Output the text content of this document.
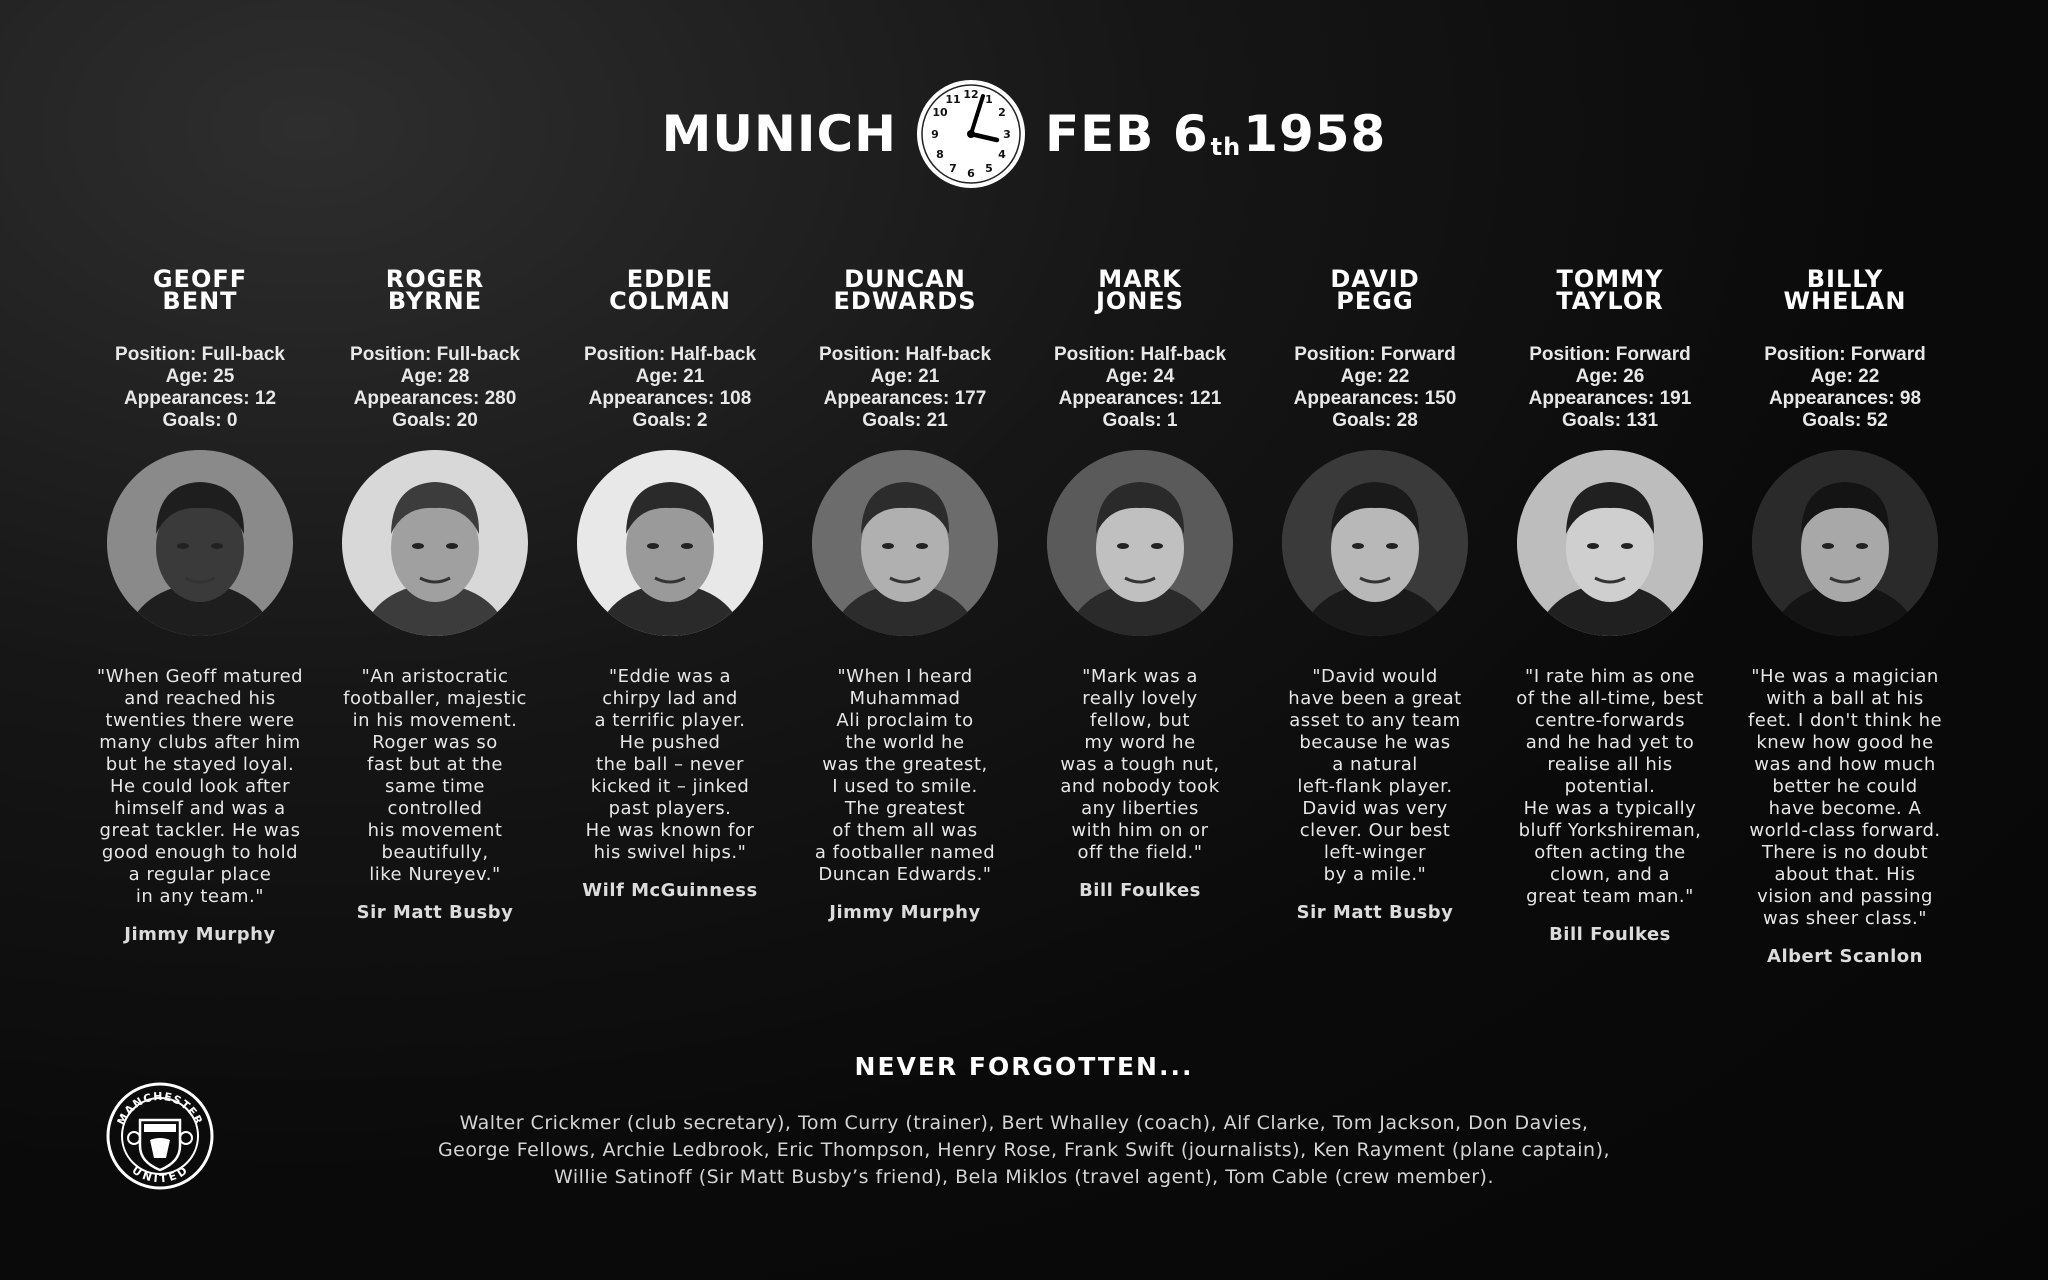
MUNICH
12 1
2
3
4
5
6
7
8
9
10
11
FEB 6th1958
GEOFF
BENT
Position: Full-back
Age: 25
Appearances: 12
Goals: 0
"When Geoff matured
and reached his
twenties there were
many clubs after him
but he stayed loyal.
He could look after
himself and was a
great tackler. He was
good enough to hold
a regular place
in any team."
Jimmy Murphy
ROGER
BYRNE
Position: Full-back
Age: 28
Appearances: 280
Goals: 20
"An aristocratic
footballer, majestic
in his movement.
Roger was so
fast but at the
same time
controlled
his movement
beautifully,
like Nureyev."
Sir Matt Busby
EDDIE
COLMAN
Position: Half-back
Age: 21
Appearances: 108
Goals: 2
"Eddie was a
chirpy lad and
a terrific player.
He pushed
the ball – never
kicked it – jinked
past players.
He was known for
his swivel hips."
Wilf McGuinness
DUNCAN
EDWARDS
Position: Half-back
Age: 21
Appearances: 177
Goals: 21
"When I heard
Muhammad
Ali proclaim to
the world he
was the greatest,
I used to smile.
The greatest
of them all was
a footballer named
Duncan Edwards."
Jimmy Murphy
MARK
JONES
Position: Half-back
Age: 24
Appearances: 121
Goals: 1
"Mark was a
really lovely
fellow, but
my word he
was a tough nut,
and nobody took
any liberties
with him on or
off the field."
Bill Foulkes
DAVID
PEGG
Position: Forward
Age: 22
Appearances: 150
Goals: 28
"David would
have been a great
asset to any team
because he was
a natural
left-flank player.
David was very
clever. Our best
left-winger
by a mile."
Sir Matt Busby
TOMMY
TAYLOR
Position: Forward
Age: 26
Appearances: 191
Goals: 131
"I rate him as one
of the all-time, best
centre-forwards
and he had yet to
realise all his
potential.
He was a typically
bluff Yorkshireman,
often acting the
clown, and a
great team man."
Bill Foulkes
BILLY
WHELAN
Position: Forward
Age: 22
Appearances: 98
Goals: 52
"He was a magician
with a ball at his
feet. I don't think he
knew how good he
was and how much
better he could
have become. A
world-class forward.
There is no doubt
about that. His
vision and passing
was sheer class."
Albert Scanlon
NEVER FORGOTTEN...
Walter Crickmer (club secretary), Tom Curry (trainer), Bert Whalley (coach), Alf Clarke, Tom Jackson, Don Davies,
George Fellows, Archie Ledbrook, Eric Thompson, Henry Rose, Frank Swift (journalists), Ken Rayment (plane captain),
Willie Satinoff (Sir Matt Busby’s friend), Bela Miklos (travel agent), Tom Cable (crew member).
MANCHESTER
UNITED
